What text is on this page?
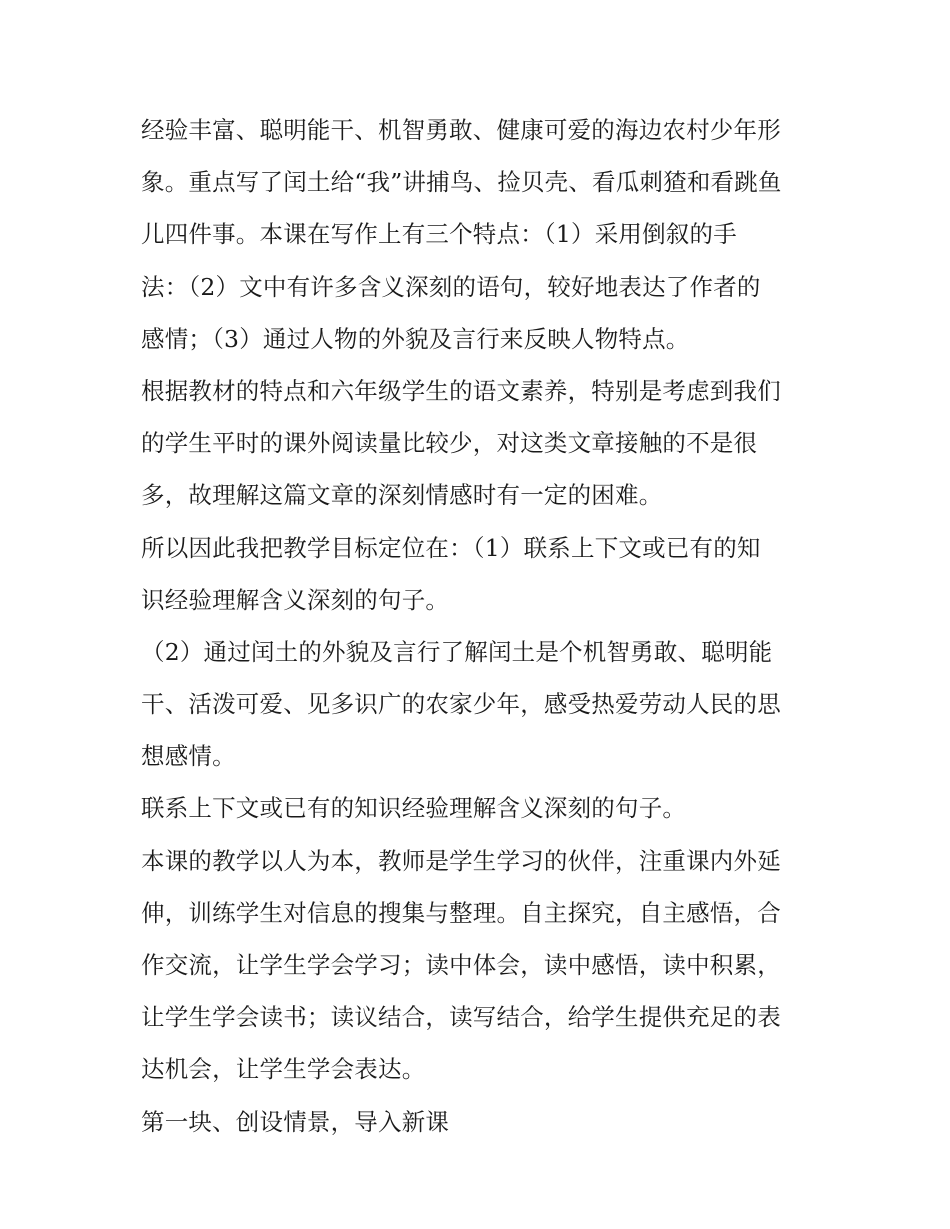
经验丰富、聪明能干、机智勇敢、健康可爱的海边农村少年形
象。重点写了闰土给“我”讲捕鸟、捡贝壳、看瓜刺猹和看跳鱼
儿四件事。本课在写作上有三个特点：（1）采用倒叙的手
法：（2）文中有许多含义深刻的语句，较好地表达了作者的
感情；（3）通过人物的外貌及言行来反映人物特点。

根据教材的特点和六年级学生的语文素养，特别是考虑到我们
的学生平时的课外阅读量比较少，对这类文章接触的不是很
多，故理解这篇文章的深刻情感时有一定的困难。

所以因此我把教学目标定位在：（1）联系上下文或已有的知
识经验理解含义深刻的句子。

（2）通过闰土的外貌及言行了解闰土是个机智勇敢、聪明能
干、活泼可爱、见多识广的农家少年，感受热爱劳动人民的思
想感情。

联系上下文或已有的知识经验理解含义深刻的句子。

本课的教学以人为本，教师是学生学习的伙伴，注重课内外延
伸，训练学生对信息的搜集与整理。自主探究，自主感悟，合
作交流，让学生学会学习；读中体会，读中感悟，读中积累，
让学生学会读书；读议结合，读写结合，给学生提供充足的表
达机会，让学生学会表达。

第一块、创设情景，导入新课
